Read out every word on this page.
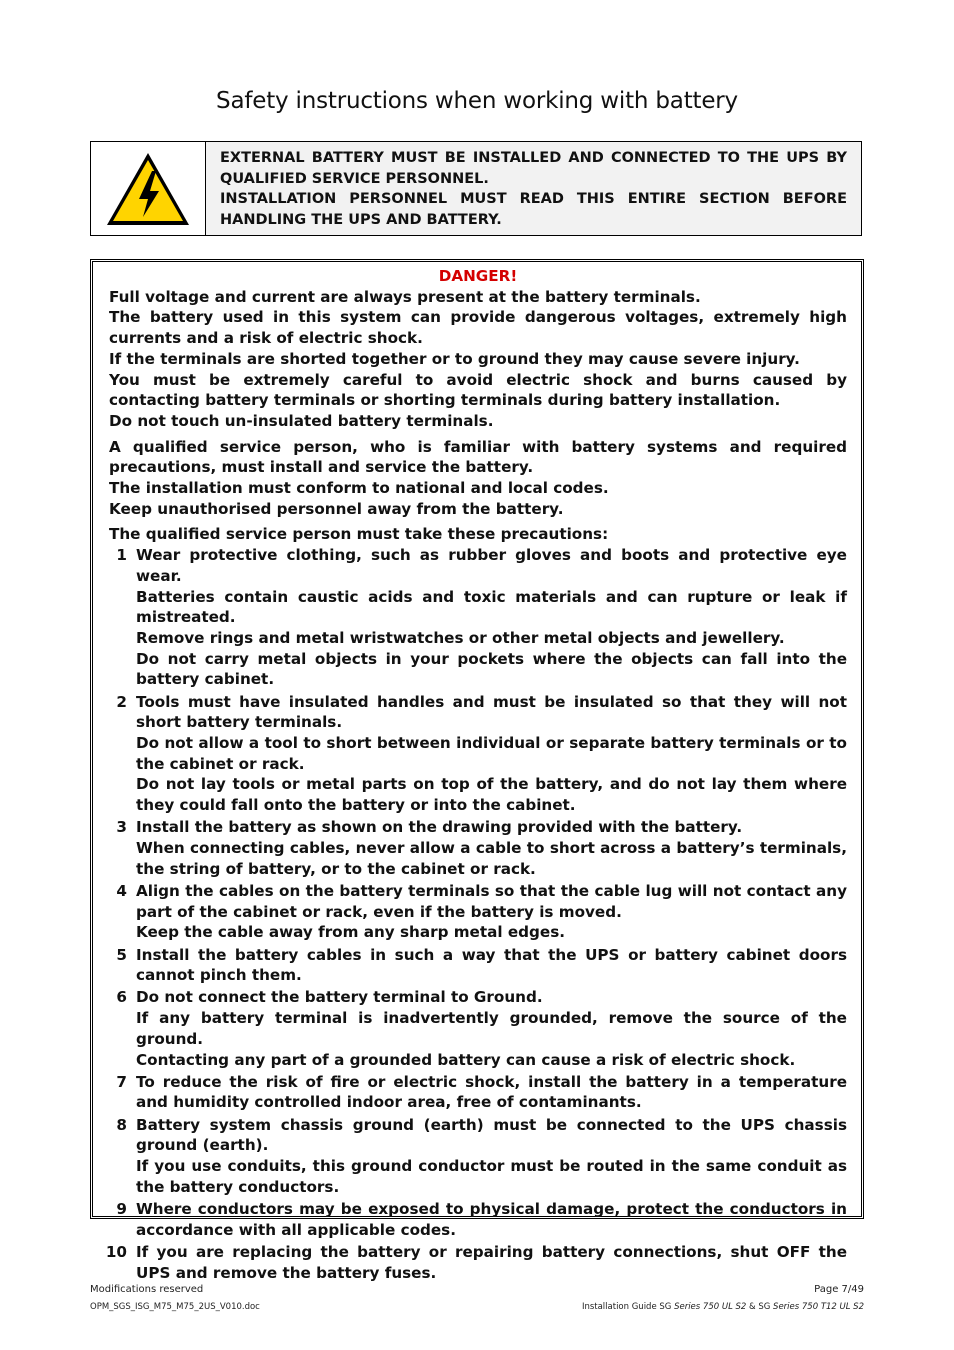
Safety instructions when working with battery

EXTERNAL BATTERY MUST BE INSTALLED AND CONNECTED TO THE UPS BY QUALIFIED SERVICE PERSONNEL.

INSTALLATION PERSONNEL MUST READ THIS ENTIRE SECTION BEFORE HANDLING THE UPS AND BATTERY.

DANGER!

Full voltage and current are always present at the battery terminals.

The battery used in this system can provide dangerous voltages, extremely high currents and a risk of electric shock.

If the terminals are shorted together or to ground they may cause severe injury.

You must be extremely careful to avoid electric shock and burns caused by contacting battery terminals or shorting terminals during battery installation.

Do not touch un-insulated battery terminals.

A qualified service person, who is familiar with battery systems and required precautions, must install and service the battery.

The installation must conform to national and local codes.

Keep unauthorised personnel away from the battery.

The qualified service person must take these precautions:

1 Wear protective clothing, such as rubber gloves and boots and protective eye wear.

Batteries contain caustic acids and toxic materials and can rupture or leak if mistreated.

Remove rings and metal wristwatches or other metal objects and jewellery.

Do not carry metal objects in your pockets where the objects can fall into the battery cabinet.

2 Tools must have insulated handles and must be insulated so that they will not short battery terminals.

Do not allow a tool to short between individual or separate battery terminals or to the cabinet or rack.

Do not lay tools or metal parts on top of the battery, and do not lay them where they could fall onto the battery or into the cabinet.

3 Install the battery as shown on the drawing provided with the battery.

When connecting cables, never allow a cable to short across a battery’s terminals, the string of battery, or to the cabinet or rack.

4 Align the cables on the battery terminals so that the cable lug will not contact any part of the cabinet or rack, even if the battery is moved.

Keep the cable away from any sharp metal edges.

5 Install the battery cables in such a way that the UPS or battery cabinet doors cannot pinch them.

6 Do not connect the battery terminal to Ground.

If any battery terminal is inadvertently grounded, remove the source of the ground.

Contacting any part of a grounded battery can cause a risk of electric shock.

7 To reduce the risk of fire or electric shock, install the battery in a temperature and humidity controlled indoor area, free of contaminants.

8 Battery system chassis ground (earth) must be connected to the UPS chassis ground (earth).

If you use conduits, this ground conductor must be routed in the same conduit as the battery conductors.

9 Where conductors may be exposed to physical damage, protect the conductors in accordance with all applicable codes.

10 If you are replacing the battery or repairing battery connections, shut OFF the UPS and remove the battery fuses.

Modifications reserved	Page 7/49
OPM_SGS_ISG_M75_M75_2US_V010.doc	Installation Guide SG Series 750 UL S2 & SG Series 750 T12 UL S2
